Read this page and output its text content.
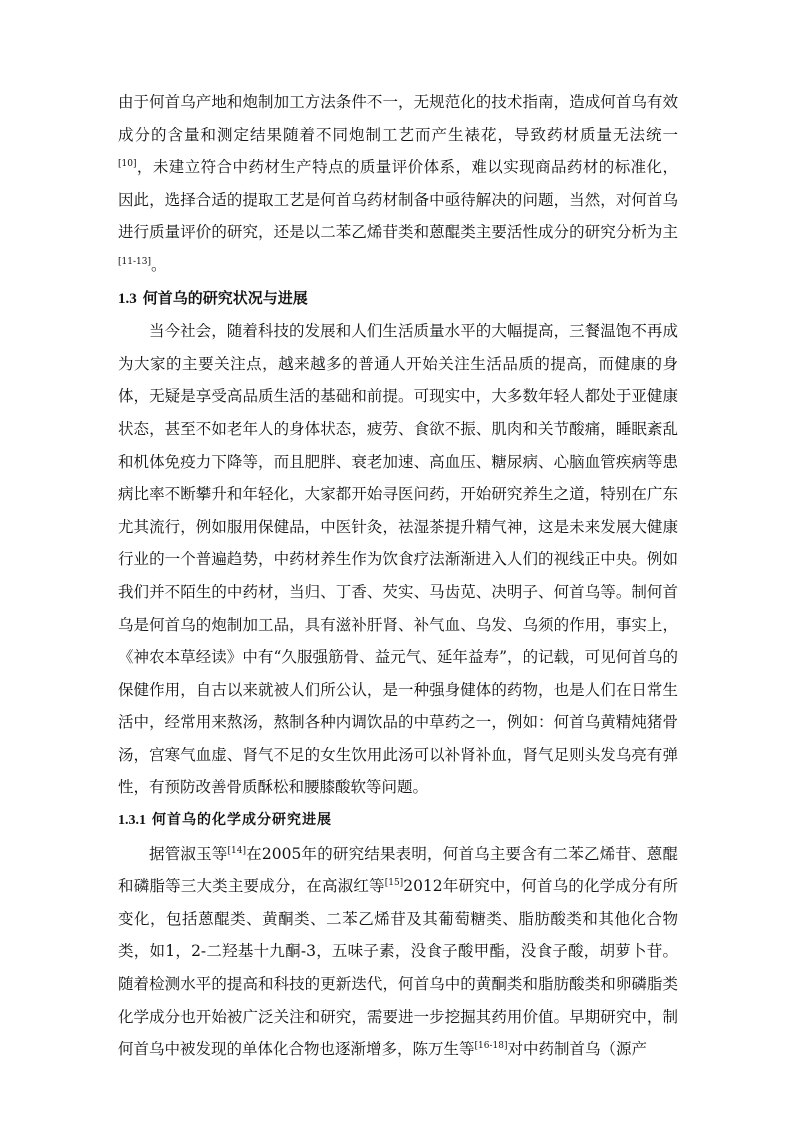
由于何首乌产地和炮制加工方法条件不一，无规范化的技术指南，造成何首乌有效成分的含量和测定结果随着不同炮制工艺而产生裱花，导致药材质量无法统一[10]，未建立符合中药材生产特点的质量评价体系，难以实现商品药材的标准化，因此，选择合适的提取工艺是何首乌药材制备中亟待解决的问题，当然，对何首乌进行质量评价的研究，还是以二苯乙烯苷类和蒽醌类主要活性成分的研究分析为主[11-13]。

1.3 何首乌的研究状况与进展

当今社会，随着科技的发展和人们生活质量水平的大幅提高，三餐温饱不再成为大家的主要关注点，越来越多的普通人开始关注生活品质的提高，而健康的身体，无疑是享受高品质生活的基础和前提。可现实中，大多数年轻人都处于亚健康状态，甚至不如老年人的身体状态，疲劳、食欲不振、肌肉和关节酸痛，睡眠紊乱和机体免疫力下降等，而且肥胖、衰老加速、高血压、糖尿病、心脑血管疾病等患病比率不断攀升和年轻化，大家都开始寻医问药，开始研究养生之道，特别在广东尤其流行，例如服用保健品，中医针灸，祛湿茶提升精气神，这是未来发展大健康行业的一个普遍趋势，中药材养生作为饮食疗法渐渐进入人们的视线正中央。例如我们并不陌生的中药材，当归、丁香、芡实、马齿苋、决明子、何首乌等。制何首乌是何首乌的炮制加工品，具有滋补肝肾、补气血、乌发、乌须的作用，事实上，《神农本草经读》中有“久服强筋骨、益元气、延年益寿”，的记载，可见何首乌的保健作用，自古以来就被人们所公认，是一种强身健体的药物，也是人们在日常生活中，经常用来熬汤，熬制各种内调饮品的中草药之一，例如：何首乌黄精炖猪骨汤，宫寒气血虚、肾气不足的女生饮用此汤可以补肾补血，肾气足则头发乌亮有弹性，有预防改善骨质酥松和腰膝酸软等问题。

1.3.1 何首乌的化学成分研究进展

据管淑玉等[14]在2005年的研究结果表明，何首乌主要含有二苯乙烯苷、蒽醌和磷脂等三大类主要成分，在高淑红等[15]2012年研究中，何首乌的化学成分有所变化，包括蒽醌类、黄酮类、二苯乙烯苷及其葡萄糖类、脂肪酸类和其他化合物类，如1，2-二羟基十九酮-3，五味子素，没食子酸甲酯，没食子酸，胡萝卜苷。随着检测水平的提高和科技的更新迭代，何首乌中的黄酮类和脂肪酸类和卵磷脂类化学成分也开始被广泛关注和研究，需要进一步挖掘其药用价值。早期研究中，制何首乌中被发现的单体化合物也逐渐增多，陈万生等[16-18]对中药制首乌（源产
